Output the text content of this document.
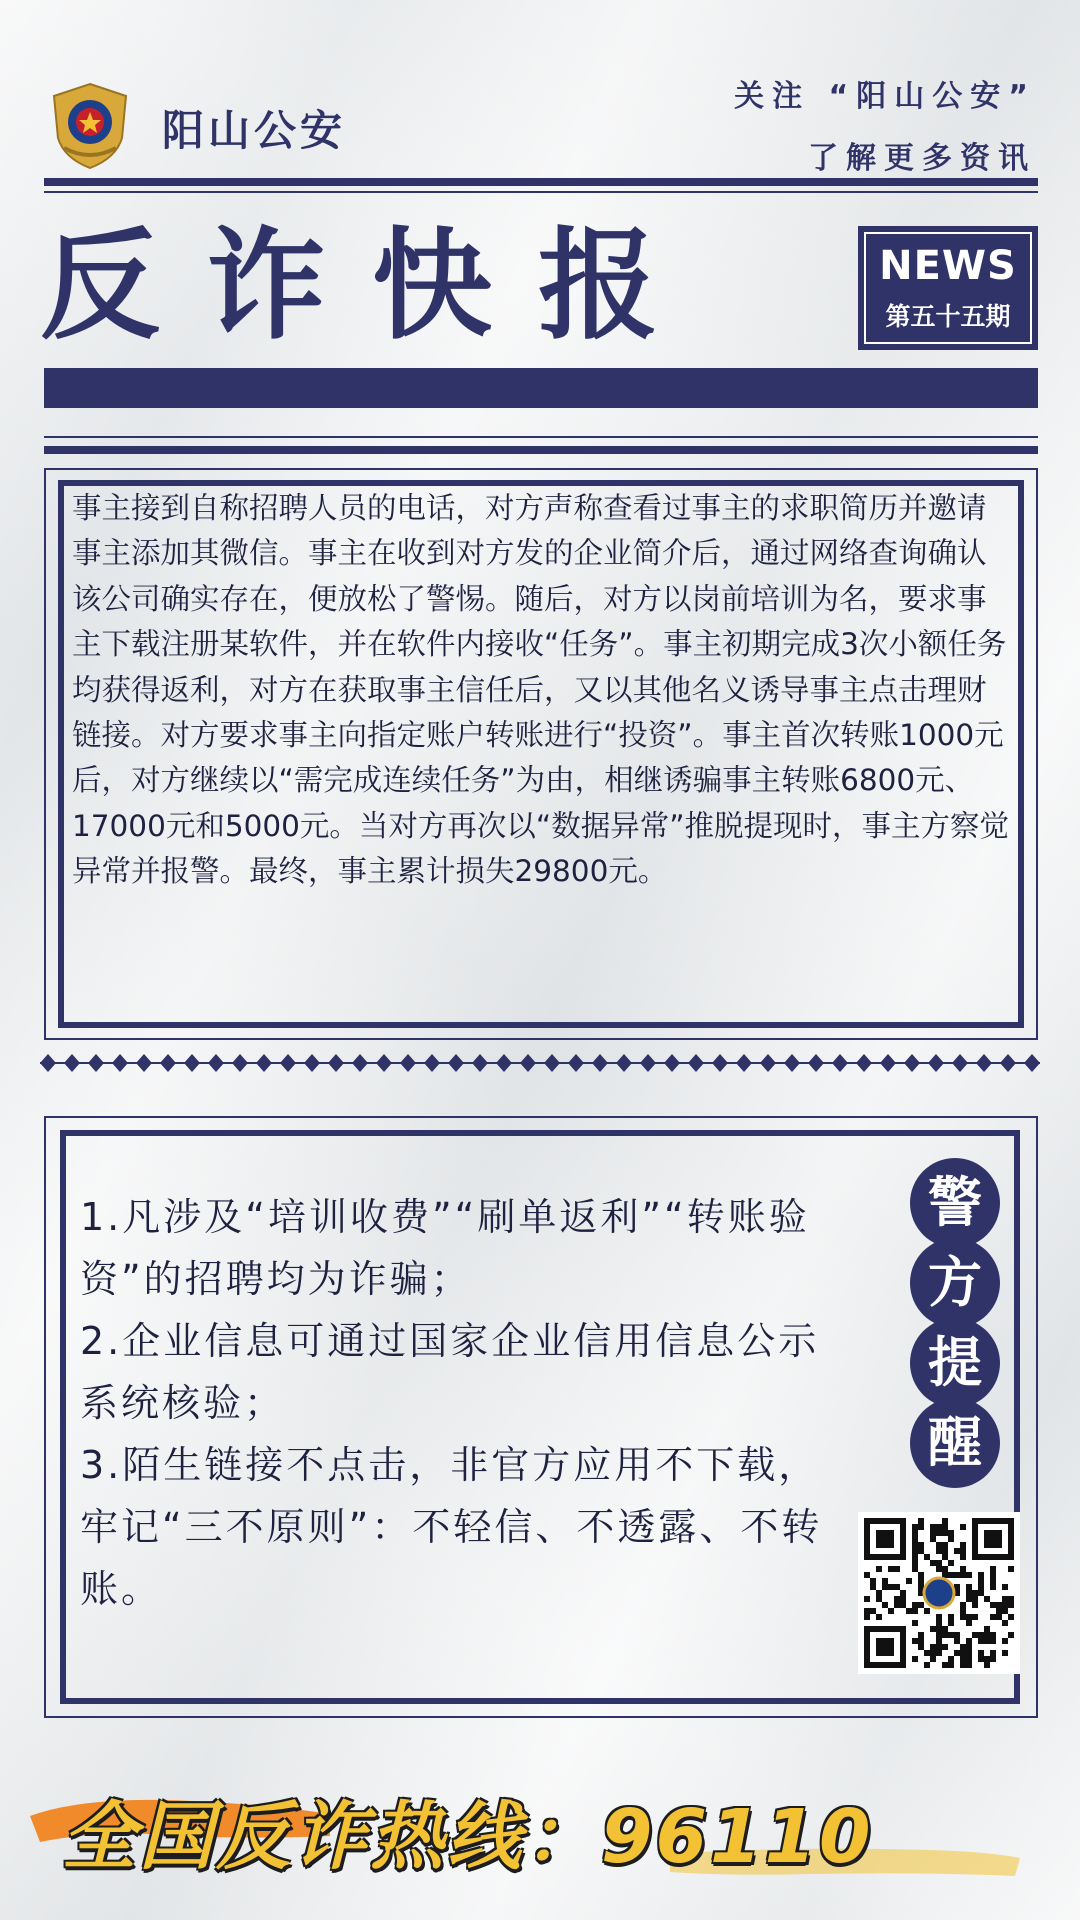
阳山公安
关注 “阳山公安”
了解更多资讯
反诈快报	NEWS
第五十五期
事主接到自称招聘人员的电话，对方声称查看过事主的求职简历并邀请事主添加其微信。事主在收到对方发的企业简介后，通过网络查询确认该公司确实存在，便放松了警惕。随后，对方以岗前培训为名，要求事主下载注册某软件，并在软件内接收“任务”。事主初期完成3次小额任务均获得返利，对方在获取事主信任后，又以其他名义诱导事主点击理财链接。对方要求事主向指定账户转账进行“投资”。事主首次转账1000元后，对方继续以“需完成连续任务”为由，相继诱骗事主转账6800元、17000元和5000元。当对方再次以“数据异常”推脱提现时，事主方察觉异常并报警。最终，事主累计损失29800元。
1.凡涉及“培训收费”“刷单返利”“转账验资”的招聘均为诈骗；
2.企业信息可通过国家企业信用信息公示系统核验；
3.陌生链接不点击，非官方应用不下载，牢记“三不原则”：不轻信、不透露、不转账。
警
方
提
醒
全国反诈热线：96110
